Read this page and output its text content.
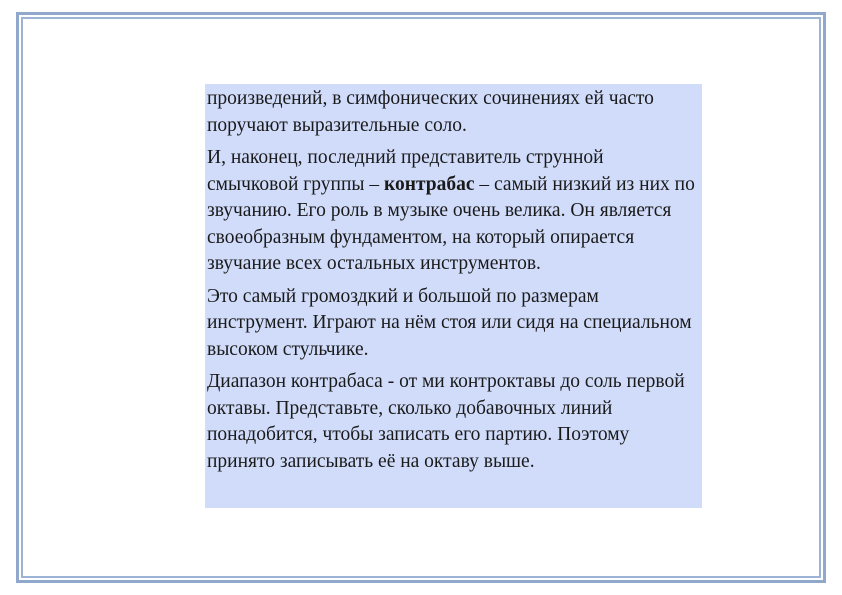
произведений, в симфонических сочинениях ей часто поручают выразительные соло.

И, наконец, последний представитель струнной смычковой группы – контрабас – самый низкий из них по звучанию. Его роль в музыке очень велика. Он является своеобразным фундаментом, на который опирается звучание всех остальных инструментов.

Это самый громоздкий и большой по размерам инструмент. Играют на нём стоя или сидя на специальном высоком стульчике.

Диапазон контрабаса - от ми контроктавы до соль первой октавы. Представьте, сколько добавочных линий понадобится, чтобы записать его партию. Поэтому принято записывать её на октаву выше.
